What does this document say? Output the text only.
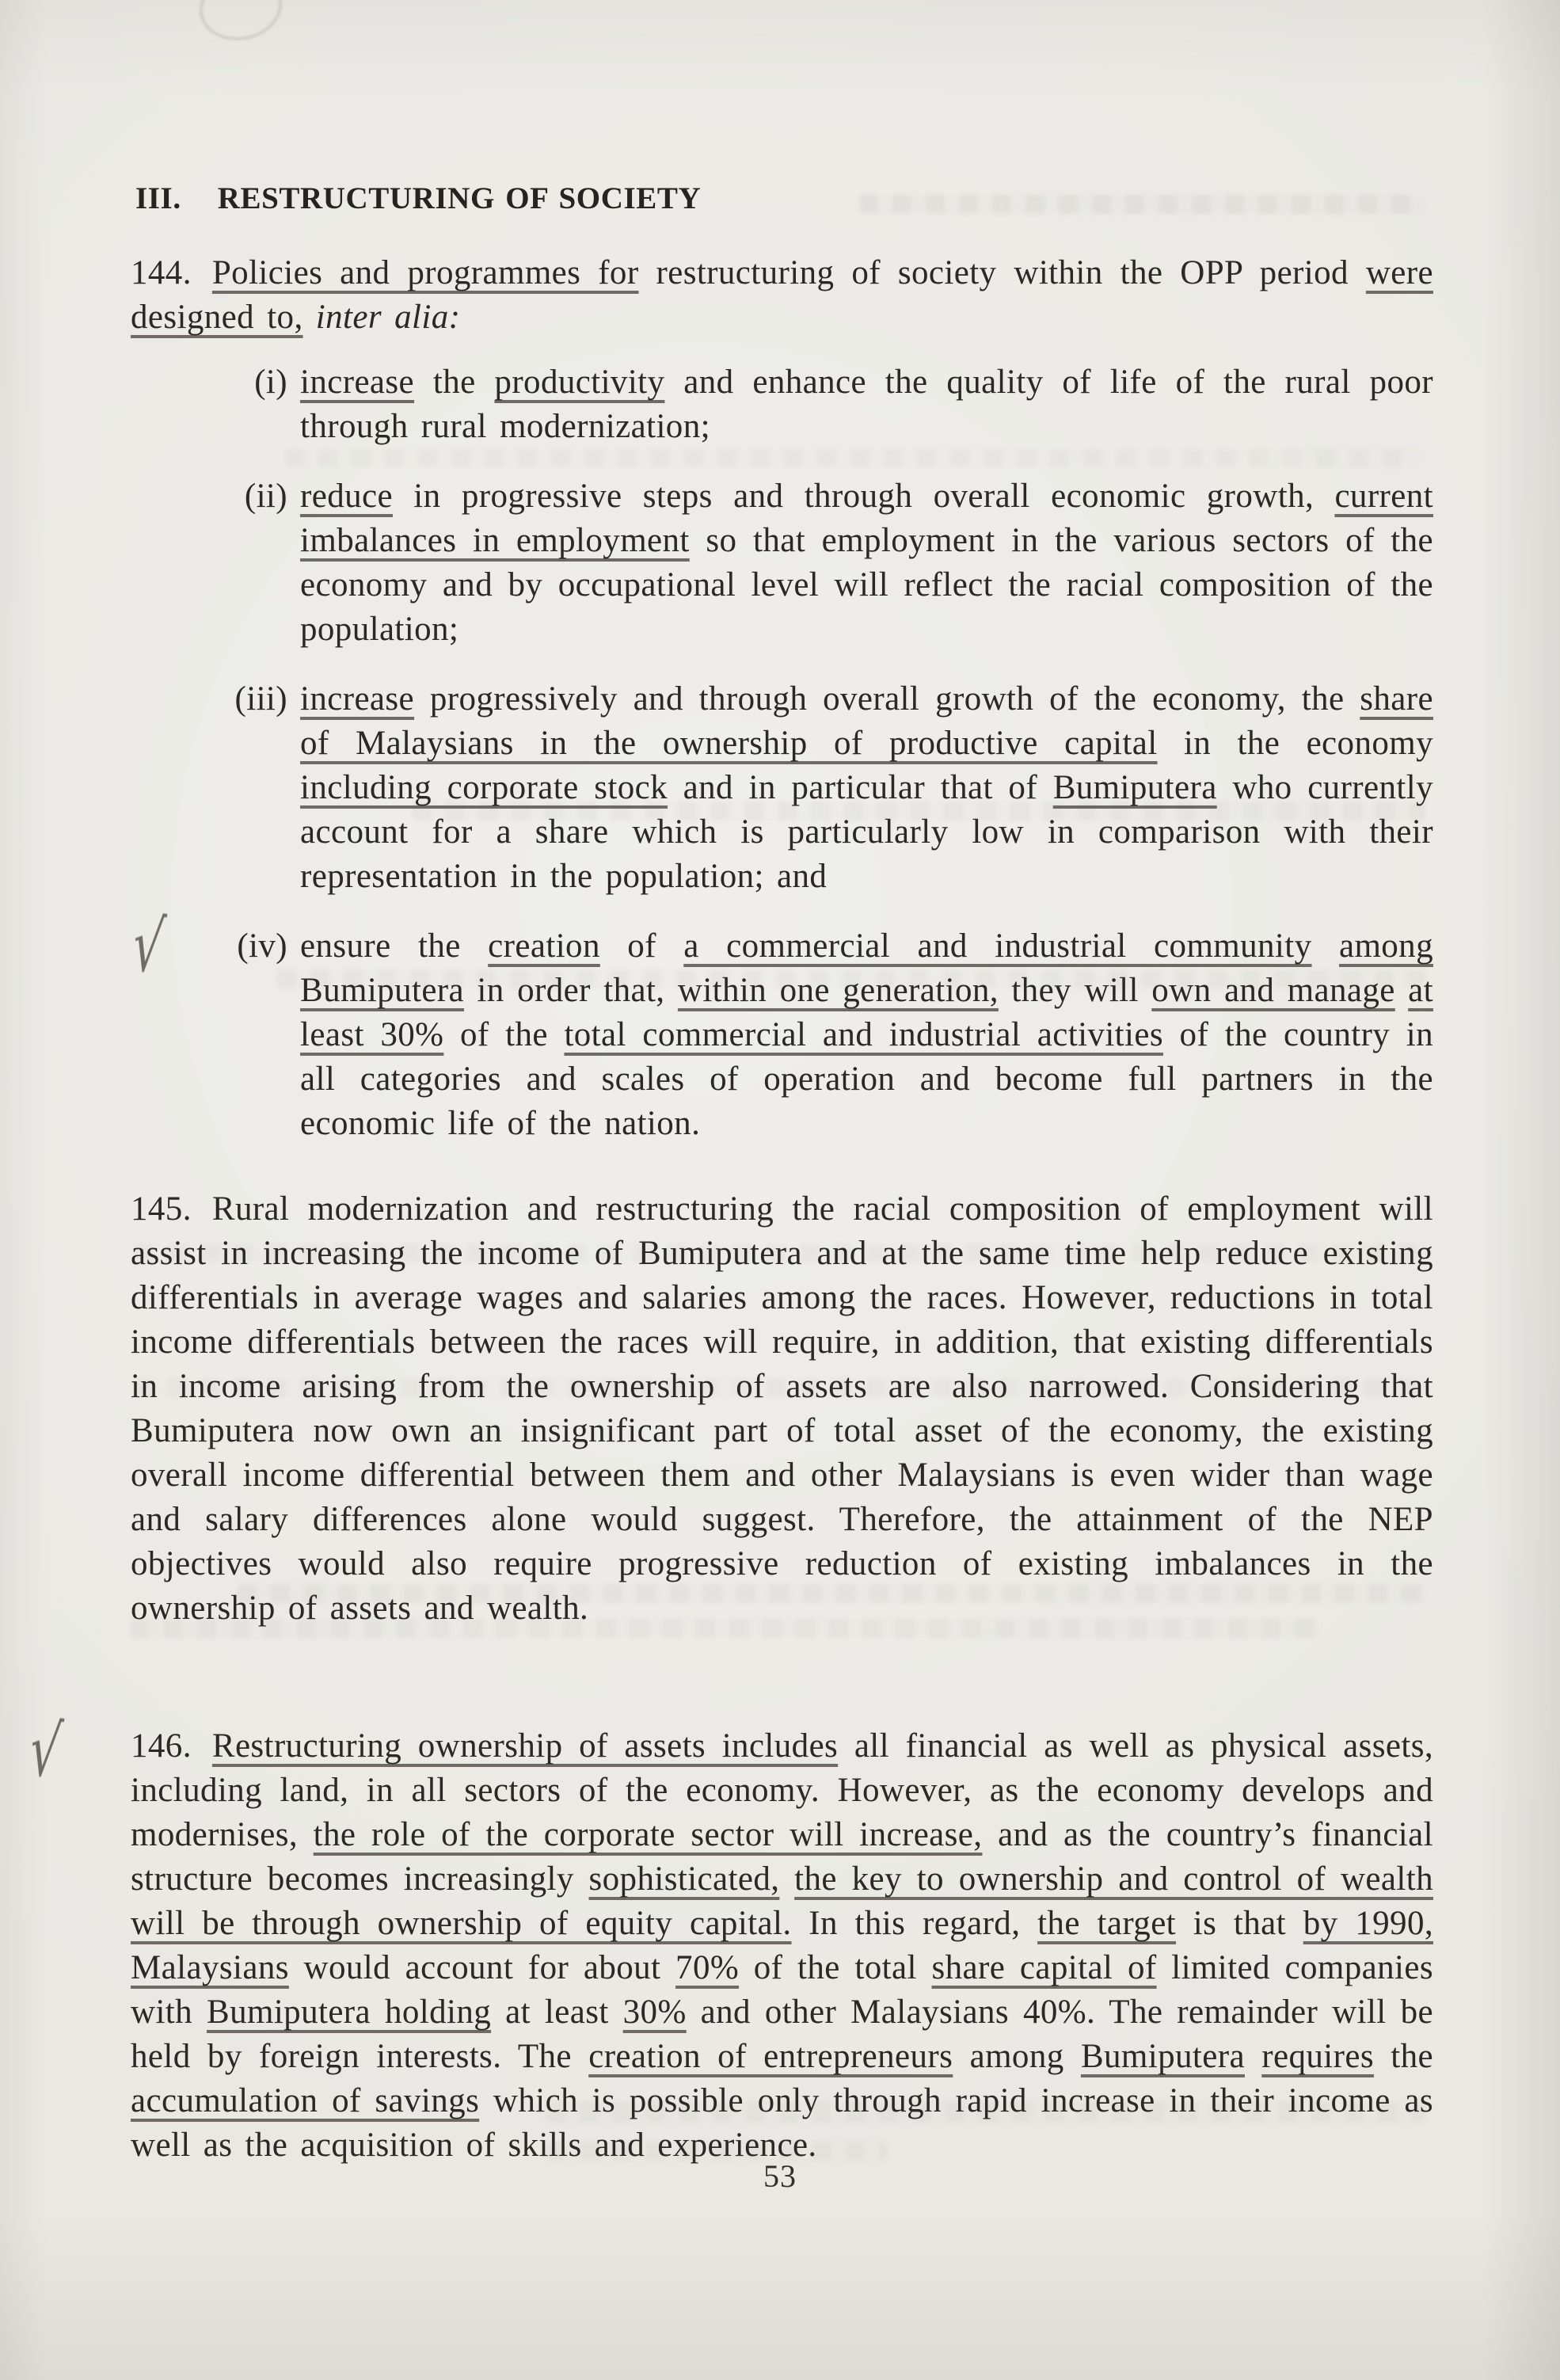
III. RESTRUCTURING OF SOCIETY

144. Policies and programmes for restructuring of society within the OPP period were designed to, inter alia:

(i) increase the productivity and enhance the quality of life of the rural poor through rural modernization;
(ii) reduce in progressive steps and through overall economic growth, current imbalances in employment so that employment in the various sectors of the economy and by occupational level will reflect the racial composition of the population;
(iii) increase progressively and through overall growth of the economy, the share of Malaysians in the ownership of productive capital in the economy including corporate stock and in particular that of Bumiputera who currently account for a share which is particularly low in comparison with their representation in the population; and
√	(iv) ensure the creation of a commercial and industrial community among Bumiputera in order that, within one generation, they will own and manage at least 30% of the total commercial and industrial activities of the country in all categories and scales of operation and become full partners in the economic life of the nation.

145. Rural modernization and restructuring the racial composition of employment will assist in increasing the income of Bumiputera and at the same time help reduce existing differentials in average wages and salaries among the races. However, reductions in total income differentials between the races will require, in addition, that existing differentials in income arising from the ownership of assets are also narrowed. Considering that Bumiputera now own an insignificant part of total asset of the economy, the existing overall income differential between them and other Malaysians is even wider than wage and salary differences alone would suggest. Therefore, the attainment of the NEP objectives would also require progressive reduction of existing imbalances in the ownership of assets and wealth.

√ 146. Restructuring ownership of assets includes all financial as well as physical assets, including land, in all sectors of the economy. However, as the economy develops and modernises, the role of the corporate sector will increase, and as the country’s financial structure becomes increasingly sophisticated, the key to ownership and control of wealth will be through ownership of equity capital. In this regard, the target is that by 1990, Malaysians would account for about 70% of the total share capital of limited companies with Bumiputera holding at least 30% and other Malaysians 40%. The remainder will be held by foreign interests. The creation of entrepreneurs among Bumiputera requires the accumulation of savings which is possible only through rapid increase in their income as well as the acquisition of skills and experience.

53
